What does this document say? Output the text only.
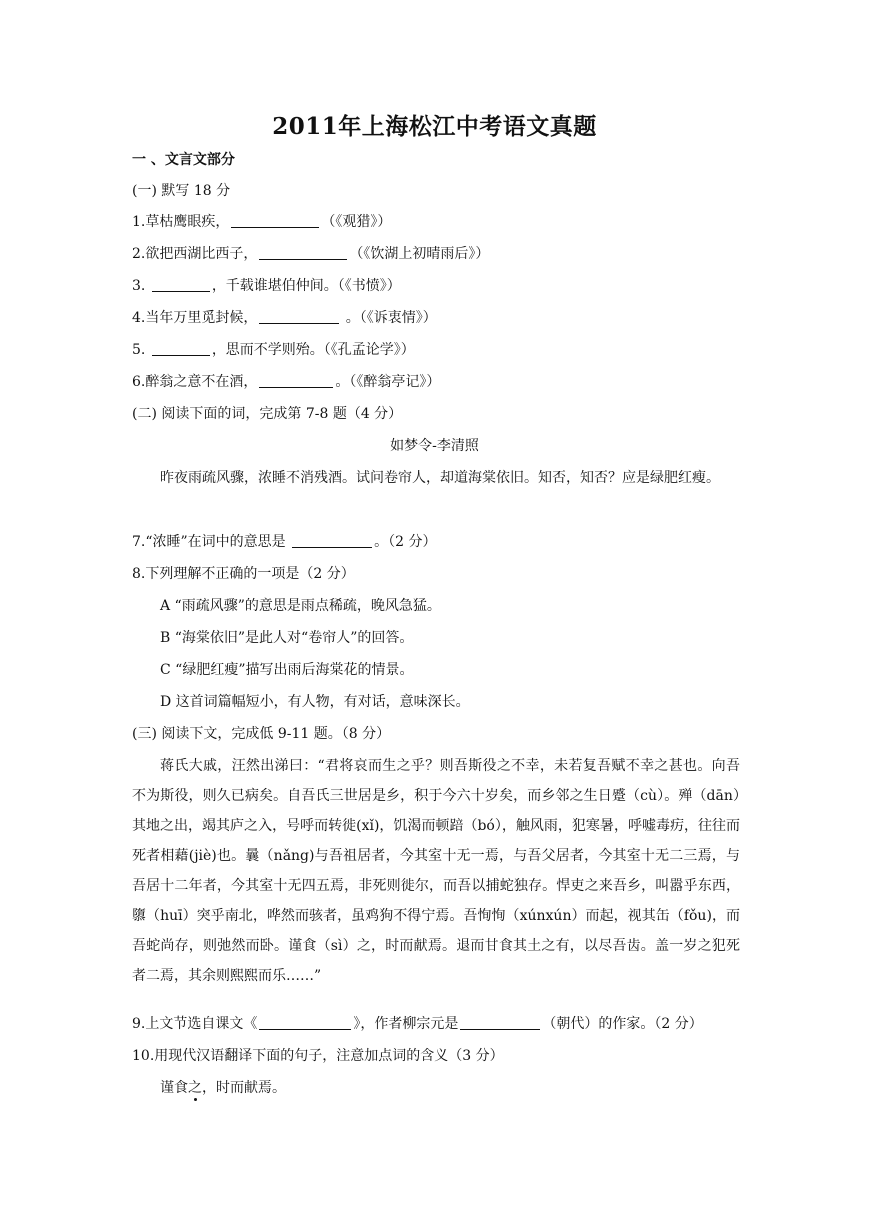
2011年上海松江中考语文真题
一 、文言文部分
(一) 默写 18 分
1.草枯鹰眼疾，	（《观猎》）
2.欲把西湖比西子，	（《饮湖上初晴雨后》）
3.	，千载谁堪伯仲间。（《书愤》）
4.当年万里觅封候，	。（《诉衷情》）
5.	，思而不学则殆。（《孔孟论学》）
6.醉翁之意不在酒，	。（《醉翁亭记》）
(二) 阅读下面的词，完成第 7-8 题（4 分）
如梦令-李清照
昨夜雨疏风骤，浓睡不消残酒。试问卷帘人，却道海棠依旧。知否，知否？应是绿肥红瘦。
7.“浓睡”在词中的意思是	。（2 分）
8.下列理解不正确的一项是（2 分）
A “雨疏风骤”的意思是雨点稀疏，晚风急猛。
B “海棠依旧”是此人对“卷帘人”的回答。
C “绿肥红瘦”描写出雨后海棠花的情景。
D 这首词篇幅短小，有人物，有对话，意味深长。
(三) 阅读下文，完成低 9-11 题。（8 分）
蒋氏大戚，汪然出涕曰：“君将哀而生之乎？则吾斯役之不幸，未若复吾赋不幸之甚也。向吾不为斯役，则久已病矣。自吾氏三世居是乡，积于今六十岁矣，而乡邻之生日蹙（cù）。殚（dān）其地之出，竭其庐之入，号呼而转徙(xǐ)，饥渴而顿踣（bó），触风雨，犯寒暑，呼嘘毒疠，往往而死者相藉(jiè)也。曩（nǎng)与吾祖居者，今其室十无一焉，与吾父居者，今其室十无二三焉，与吾居十二年者，今其室十无四五焉，非死则徙尔，而吾以捕蛇独存。悍吏之来吾乡，叫嚣乎东西，隳（huī）突乎南北，哗然而骇者，虽鸡狗不得宁焉。吾恂恂（xúnxún）而起，视其缶（fǒu)，而吾蛇尚存，则弛然而卧。谨食（sì）之，时而献焉。退而甘食其土之有，以尽吾齿。盖一岁之犯死者二焉，其余则熙熙而乐……”
9.上文节选自课文《	》，作者柳宗元是	（朝代）的作家。（2 分）
10.用现代汉语翻译下面的句子，注意加点词的含义（3 分）
谨食之，时而献焉。
